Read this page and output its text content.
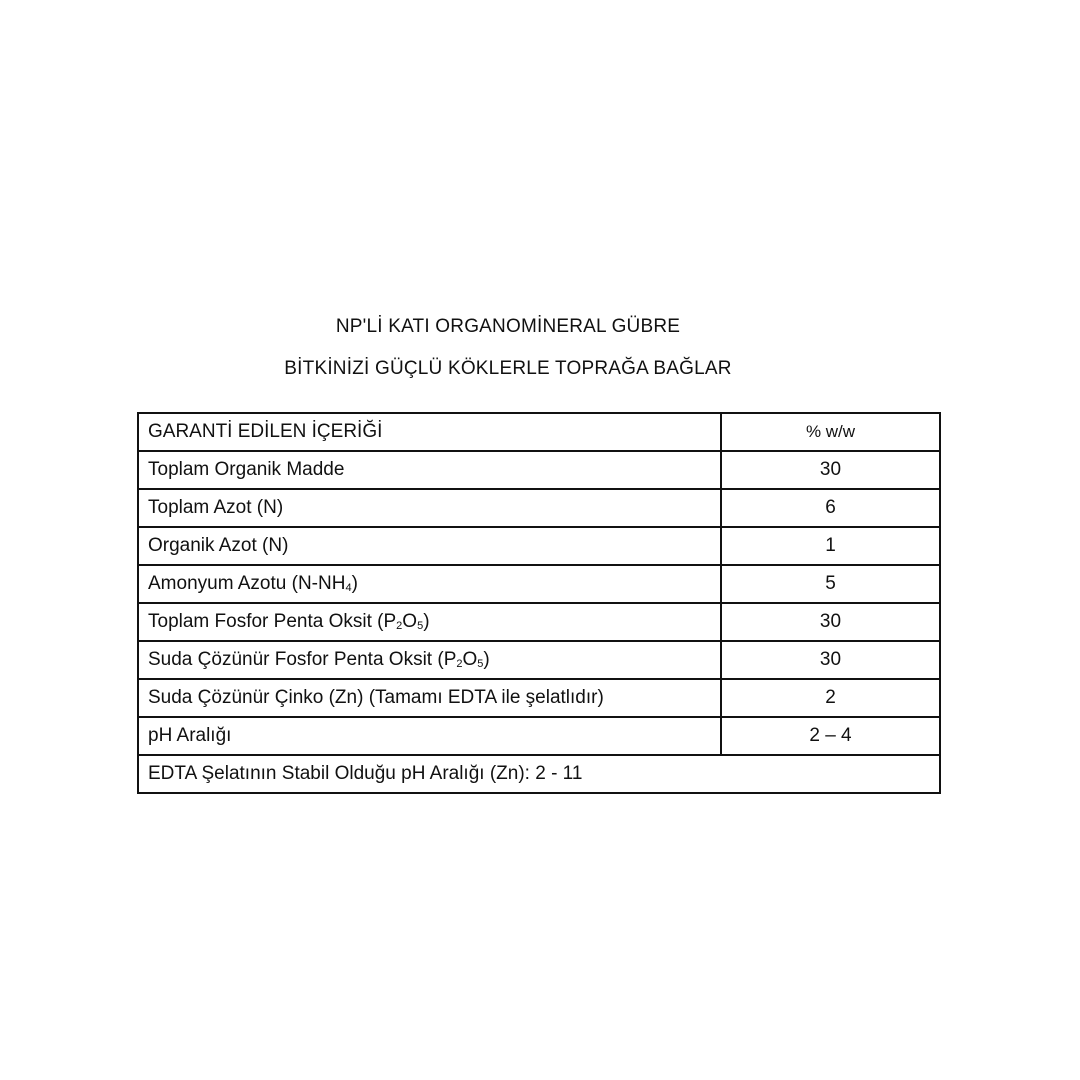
NP'Lİ KATI ORGANOMİNERAL GÜBRE
BİTKİNİZİ GÜÇLÜ KÖKLERLE TOPRAĞA BAĞLAR
GARANTİ EDİLEN İÇERİĞİ	% w/w
Toplam Organik Madde	30
Toplam Azot (N)	6
Organik Azot (N)	1
Amonyum Azotu (N-NH4)	5
Toplam Fosfor Penta Oksit (P2O5)	30
Suda Çözünür Fosfor Penta Oksit (P2O5)	30
Suda Çözünür Çinko (Zn) (Tamamı EDTA ile şelatlıdır)	2
pH Aralığı	2 – 4
EDTA Şelatının Stabil Olduğu pH Aralığı (Zn): 2 - 11	
